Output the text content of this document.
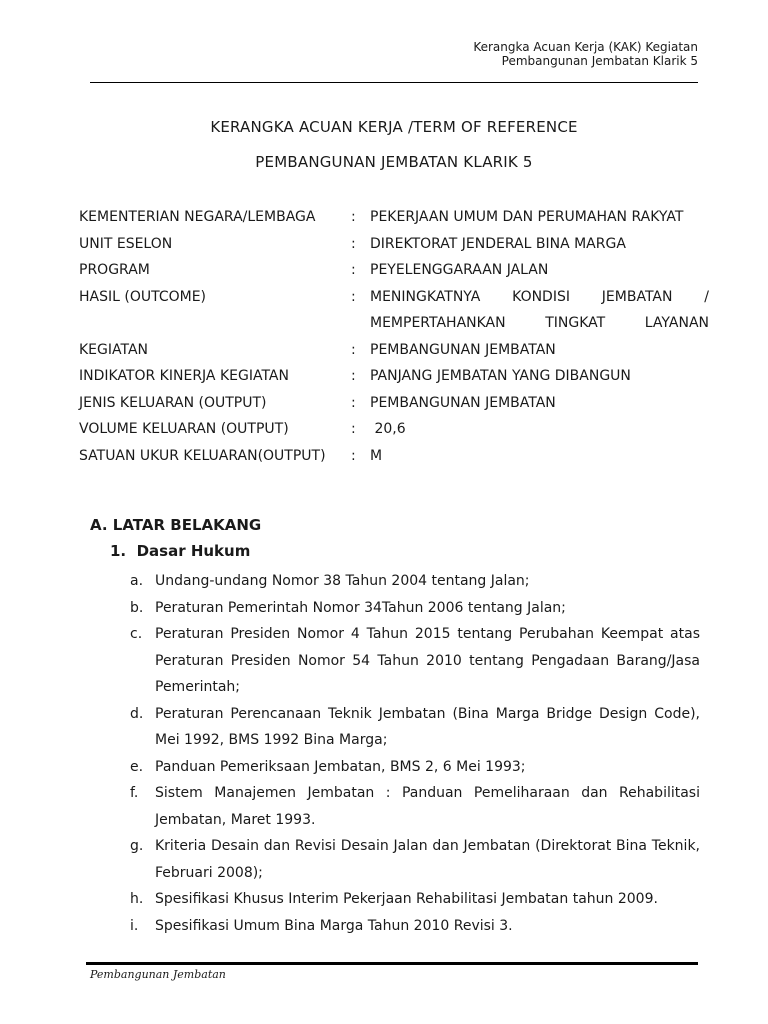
Kerangka Acuan Kerja (KAK) Kegiatan
Pembangunan Jembatan Klarik 5
KERANGKA ACUAN KERJA /TERM OF REFERENCE
PEMBANGUNAN JEMBATAN KLARIK 5
KEMENTERIAN NEGARA/LEMBAGA	:	PEKERJAAN UMUM DAN PERUMAHAN RAKYAT
UNIT ESELON	:	DIREKTORAT JENDERAL BINA MARGA
PROGRAM	:	PEYELENGGARAAN JALAN
HASIL (OUTCOME)	:	MENINGKATNYA KONDISI JEMBATAN /
MEMPERTAHANKAN TINGKAT LAYANAN
KEGIATAN	:	PEMBANGUNAN JEMBATAN
INDIKATOR KINERJA KEGIATAN	:	PANJANG JEMBATAN YANG DIBANGUN
JENIS KELUARAN (OUTPUT)	:	PEMBANGUNAN JEMBATAN
VOLUME KELUARAN (OUTPUT)	:	20,6
SATUAN UKUR KELUARAN(OUTPUT)	:	M
A. LATAR BELAKANG
1.  Dasar Hukum
a. Undang-undang Nomor 38 Tahun 2004 tentang Jalan;
b. Peraturan Pemerintah Nomor 34Tahun 2006 tentang Jalan;
c. Peraturan Presiden Nomor 4 Tahun 2015 tentang Perubahan Keempat atas
Peraturan Presiden Nomor 54 Tahun 2010 tentang Pengadaan Barang/Jasa
Pemerintah;
d. Peraturan Perencanaan Teknik Jembatan (Bina Marga Bridge Design Code),
Mei 1992, BMS 1992 Bina Marga;
e. Panduan Pemeriksaan Jembatan, BMS 2, 6 Mei 1993;
f.	Sistem Manajemen Jembatan : Panduan Pemeliharaan dan Rehabilitasi
Jembatan, Maret 1993.
g. Kriteria Desain dan Revisi Desain Jalan dan Jembatan (Direktorat Bina Teknik,
Februari 2008);
h. Spesifikasi Khusus Interim Pekerjaan Rehabilitasi Jembatan tahun 2009.
i.	Spesifikasi Umum Bina Marga Tahun 2010 Revisi 3.
Pembangunan Jembatan
